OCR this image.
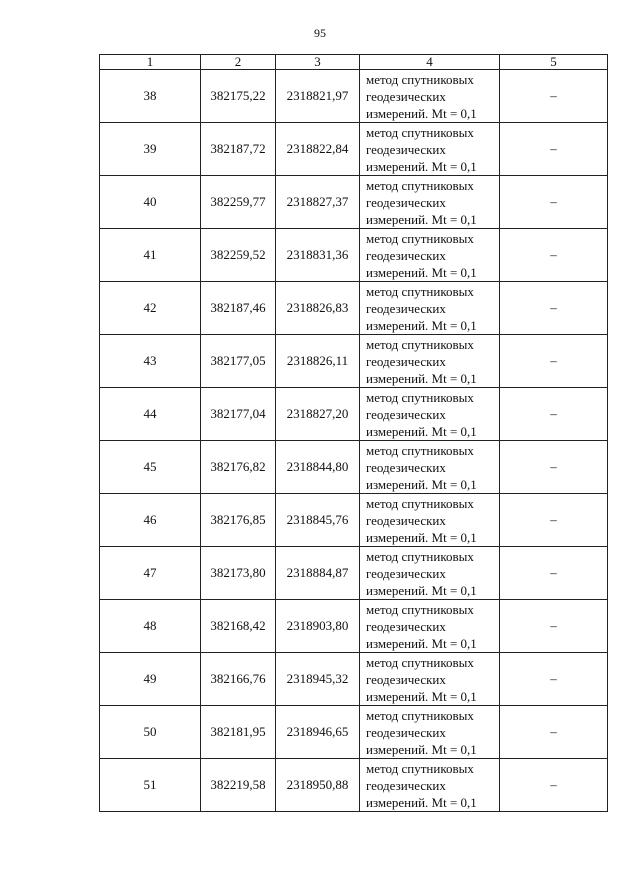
95
1	2	3	4	5
38	382175,22	2318821,97	метод спутниковых
геодезических
измерений. Mt = 0,1	–
39	382187,72	2318822,84	метод спутниковых
геодезических
измерений. Mt = 0,1	–
40	382259,77	2318827,37	метод спутниковых
геодезических
измерений. Mt = 0,1	–
41	382259,52	2318831,36	метод спутниковых
геодезических
измерений. Mt = 0,1	–
42	382187,46	2318826,83	метод спутниковых
геодезических
измерений. Mt = 0,1	–
43	382177,05	2318826,11	метод спутниковых
геодезических
измерений. Mt = 0,1	–
44	382177,04	2318827,20	метод спутниковых
геодезических
измерений. Mt = 0,1	–
45	382176,82	2318844,80	метод спутниковых
геодезических
измерений. Mt = 0,1	–
46	382176,85	2318845,76	метод спутниковых
геодезических
измерений. Mt = 0,1	–
47	382173,80	2318884,87	метод спутниковых
геодезических
измерений. Mt = 0,1	–
48	382168,42	2318903,80	метод спутниковых
геодезических
измерений. Mt = 0,1	–
49	382166,76	2318945,32	метод спутниковых
геодезических
измерений. Mt = 0,1	–
50	382181,95	2318946,65	метод спутниковых
геодезических
измерений. Mt = 0,1	–
51	382219,58	2318950,88	метод спутниковых
геодезических
измерений. Mt = 0,1	–
